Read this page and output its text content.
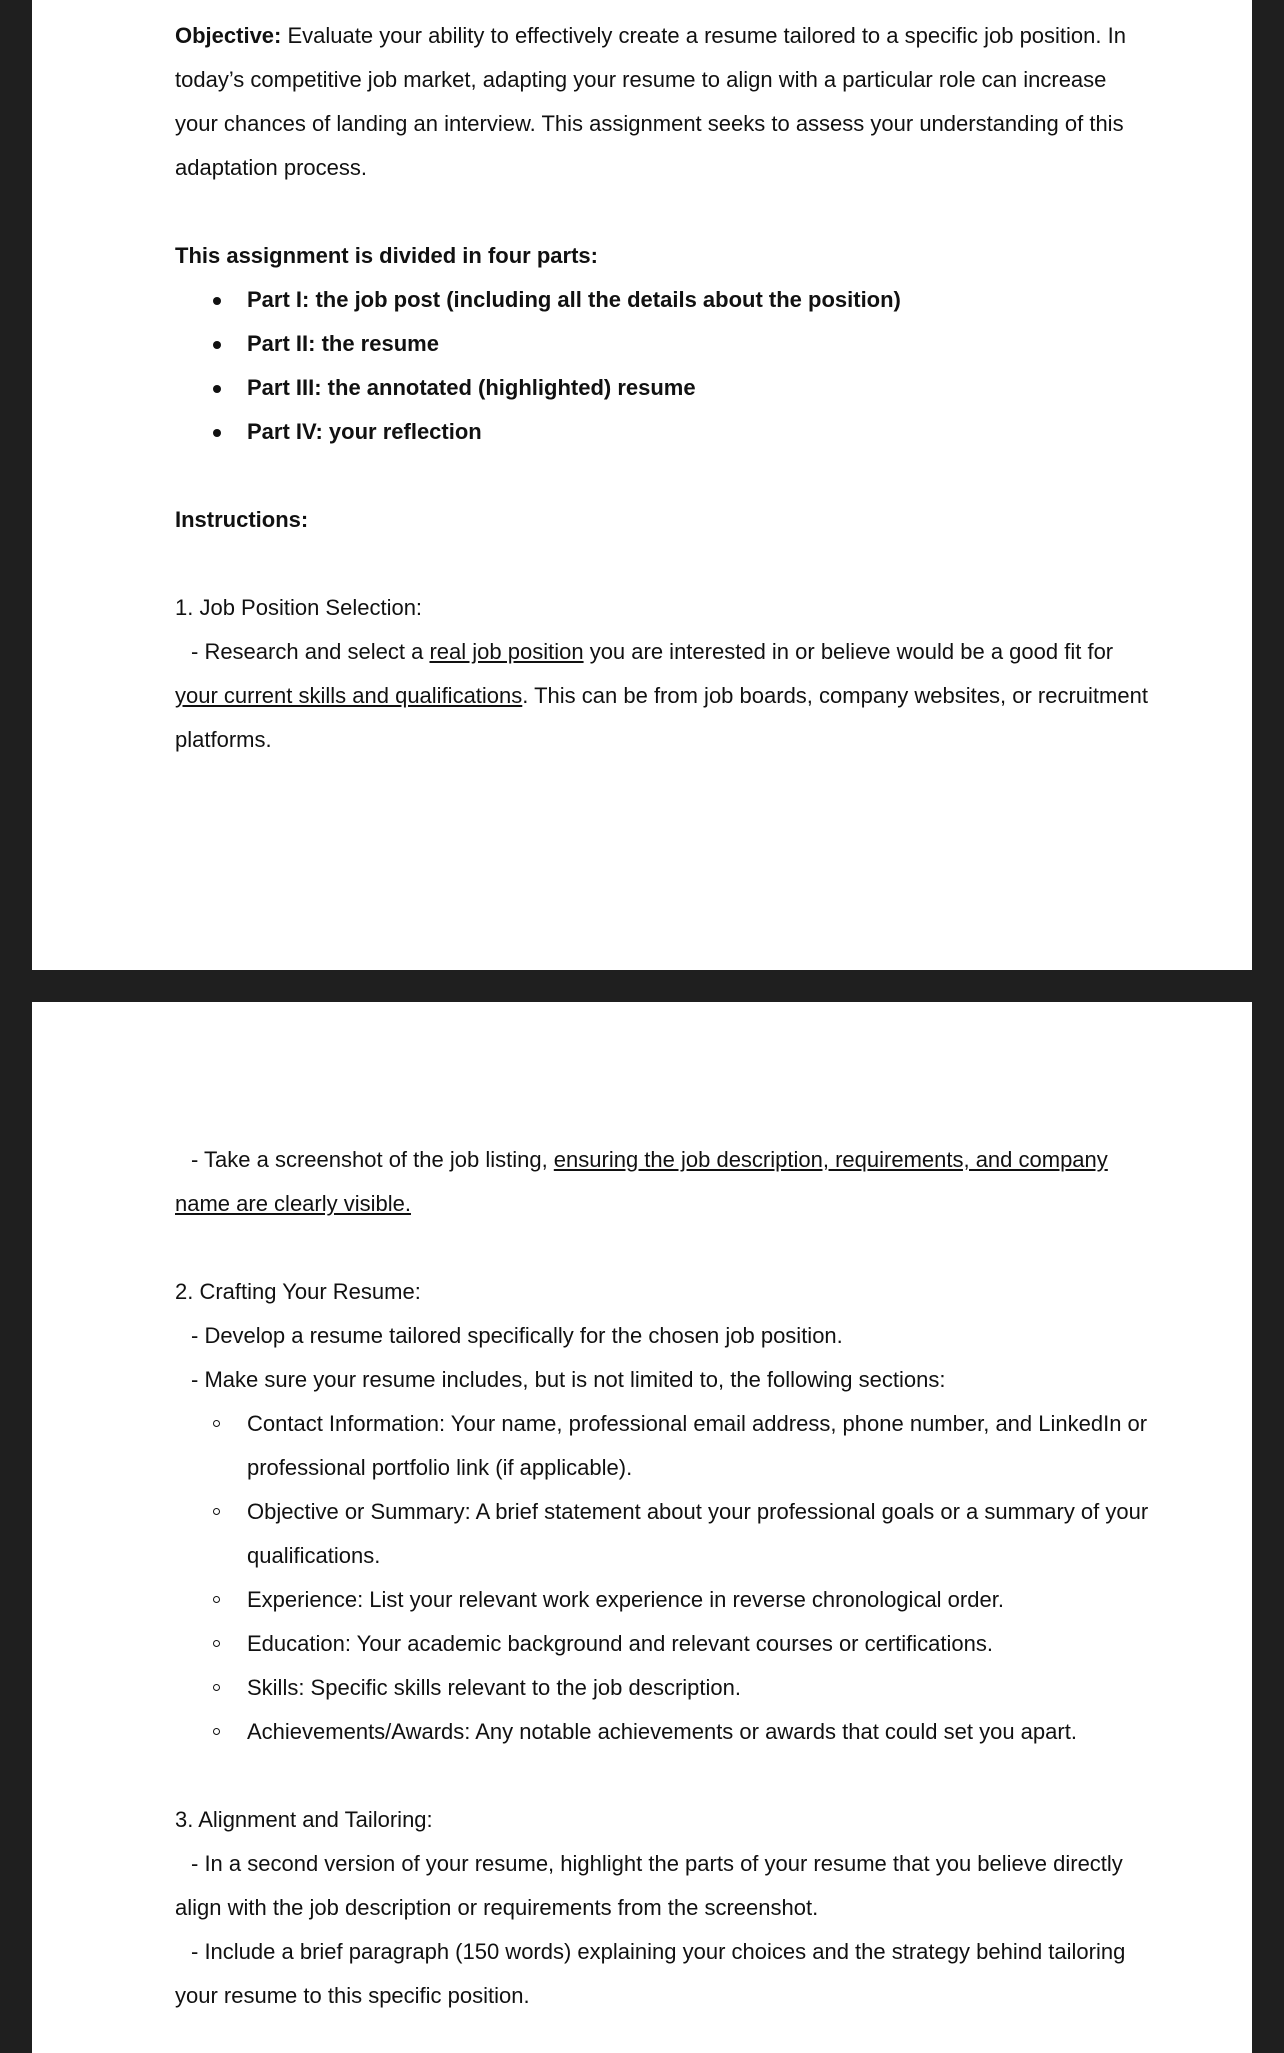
Objective: Evaluate your ability to effectively create a resume tailored to a specific job position. In today’s competitive job market, adapting your resume to align with a particular role can increase your chances of landing an interview. This assignment seeks to assess your understanding of this adaptation process.

This assignment is divided in four parts:

Part I: the job post (including all the details about the position)
Part II: the resume
Part III: the annotated (highlighted) resume
Part IV: your reflection

Instructions:

1. Job Position Selection:

- Research and select a real job position you are interested in or believe would be a good fit for your current skills and qualifications. This can be from job boards, company websites, or recruitment platforms.

- Take a screenshot of the job listing, ensuring the job description, requirements, and company name are clearly visible.

2. Crafting Your Resume:

- Develop a resume tailored specifically for the chosen job position.

- Make sure your resume includes, but is not limited to, the following sections:

Contact Information: Your name, professional email address, phone number, and LinkedIn or professional portfolio link (if applicable).
Objective or Summary: A brief statement about your professional goals or a summary of your qualifications.
Experience: List your relevant work experience in reverse chronological order.
Education: Your academic background and relevant courses or certifications.
Skills: Specific skills relevant to the job description.
Achievements/Awards: Any notable achievements or awards that could set you apart.

3. Alignment and Tailoring:

- In a second version of your resume, highlight the parts of your resume that you believe directly align with the job description or requirements from the screenshot.

- Include a brief paragraph (150 words) explaining your choices and the strategy behind tailoring your resume to this specific position.
